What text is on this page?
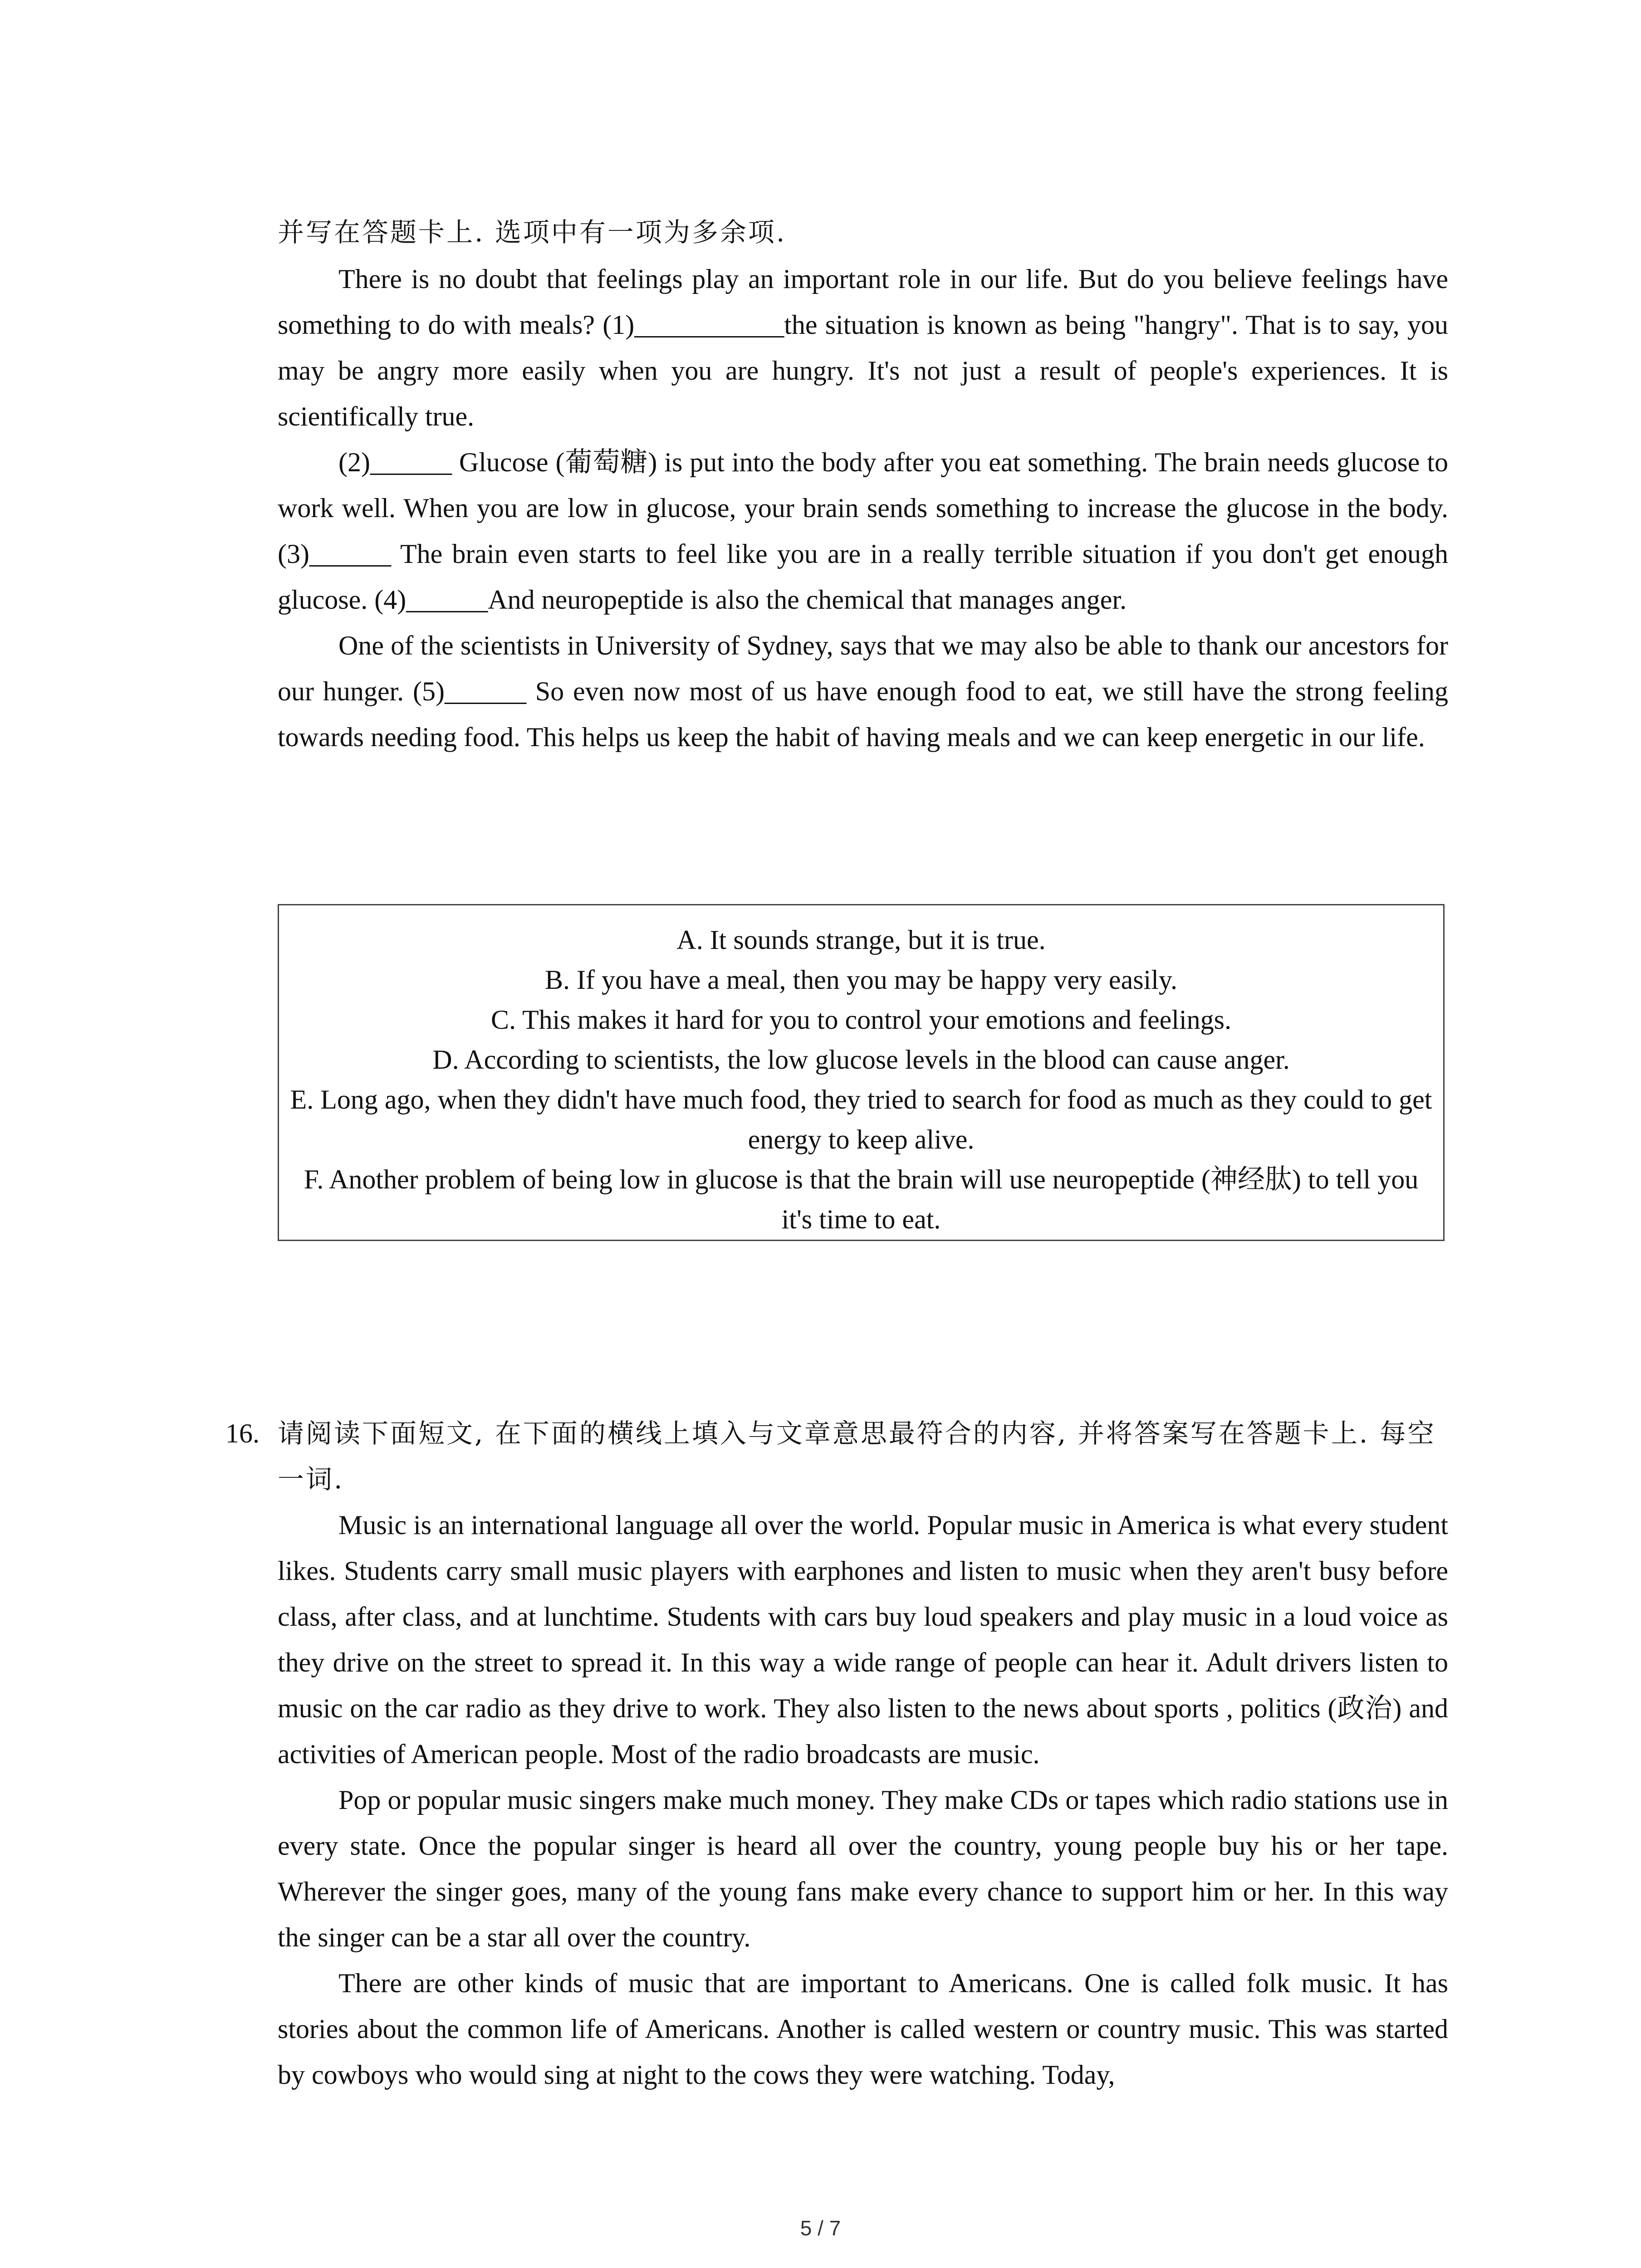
并写在答题卡上. 选项中有一项为多余项.

There is no doubt that feelings play an important role in our life. But do you believe feelings have something to do with meals? (1)___________the situation is known as being "hangry". That is to say, you may be angry more easily when you are hungry. It's not just a result of people's experiences. It is scientifically true.

(2)______ Glucose (葡萄糖) is put into the body after you eat something. The brain needs glucose to work well. When you are low in glucose, your brain sends something to increase the glucose in the body. (3)______ The brain even starts to feel like you are in a really terrible situation if you don't get enough glucose. (4)______And neuropeptide is also the chemical that manages anger.

One of the scientists in University of Sydney, says that we may also be able to thank our ancestors for our hunger. (5)______ So even now most of us have enough food to eat, we still have the strong feeling towards needing food. This helps us keep the habit of having meals and we can keep energetic in our life.

A. It sounds strange, but it is true.
B. If you have a meal, then you may be happy very easily.
C. This makes it hard for you to control your emotions and feelings.
D. According to scientists, the low glucose levels in the blood can cause anger.
E. Long ago, when they didn't have much food, they tried to search for food as much as they could to get energy to keep alive.
F. Another problem of being low in glucose is that the brain will use neuropeptide (神经肽) to tell you it's time to eat.
16. 请阅读下面短文, 在下面的横线上填入与文章意思最符合的内容, 并将答案写在答题卡上. 每空一词.

Music is an international language all over the world. Popular music in America is what every student likes. Students carry small music players with earphones and listen to music when they aren't busy before class, after class, and at lunchtime. Students with cars buy loud speakers and play music in a loud voice as they drive on the street to spread it. In this way a wide range of people can hear it. Adult drivers listen to music on the car radio as they drive to work. They also listen to the news about sports , politics (政治) and activities of American people. Most of the radio broadcasts are music.

Pop or popular music singers make much money. They make CDs or tapes which radio stations use in every state. Once the popular singer is heard all over the country, young people buy his or her tape. Wherever the singer goes, many of the young fans make every chance to support him or her. In this way the singer can be a star all over the country.

There are other kinds of music that are important to Americans. One is called folk music. It has stories about the common life of Americans. Another is called western or country music. This was started by cowboys who would sing at night to the cows they were watching. Today,

5 / 7
